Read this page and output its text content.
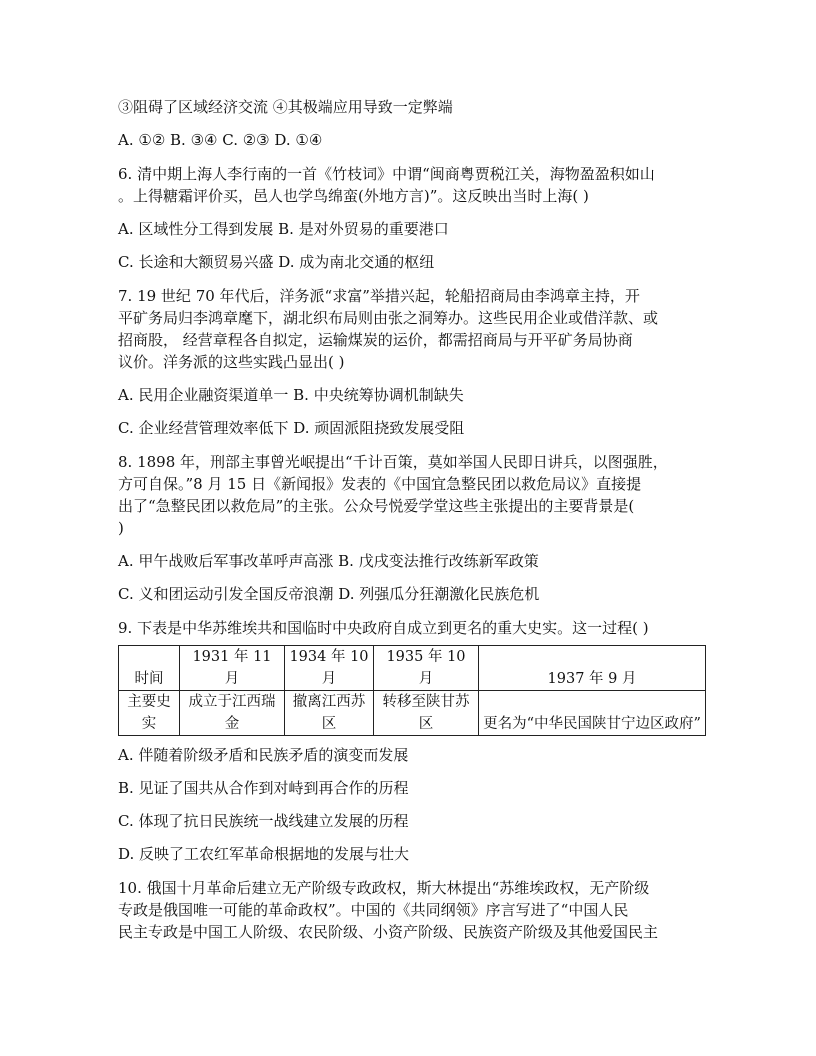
③阻碍了区域经济交流 ④其极端应用导致一定弊端

A. ①② B. ③④ C. ②③ D. ①④

6. 清中期上海人李行南的一首《竹枝词》中谓“闽商粤贾税江关，海物盈盈积如山

。上得糖霜评价买，邑人也学鸟绵蛮(外地方言)”。这反映出当时上海( )

A. 区域性分工得到发展 B. 是对外贸易的重要港口

C. 长途和大额贸易兴盛 D. 成为南北交通的枢纽

7. 19 世纪 70 年代后，洋务派“求富”举措兴起，轮船招商局由李鸿章主持，开

平矿务局归李鸿章麾下，湖北织布局则由张之洞筹办。这些民用企业或借洋款、或

招商股， 经营章程各自拟定，运输煤炭的运价，都需招商局与开平矿务局协商

议价。洋务派的这些实践凸显出( )

A. 民用企业融资渠道单一 B. 中央统筹协调机制缺失

C. 企业经营管理效率低下 D. 顽固派阻挠致发展受阻

8. 1898 年，刑部主事曾光岷提出“千计百策，莫如举国人民即日讲兵，以图强胜，

方可自保。”8 月 15 日《新闻报》发表的《中国宜急整民团以救危局议》直接提

出了“急整民团以救危局”的主张。公众号悦爱学堂这些主张提出的主要背景是(

)

A. 甲午战败后军事改革呼声高涨 B. 戊戌变法推行改练新军政策

C. 义和团运动引发全国反帝浪潮 D. 列强瓜分狂潮激化民族危机

9. 下表是中华苏维埃共和国临时中央政府自成立到更名的重大史实。这一过程( )

时间	1931 年 11 月	1934 年 10 月	1935 年 10 月	1937 年 9 月
主要史实	成立于江西瑞金	撤离江西苏区	转移至陕甘苏区	更名为“中华民国陕甘宁边区政府”

A. 伴随着阶级矛盾和民族矛盾的演变而发展

B. 见证了国共从合作到对峙到再合作的历程

C. 体现了抗日民族统一战线建立发展的历程

D. 反映了工农红军革命根据地的发展与壮大

10. 俄国十月革命后建立无产阶级专政政权，斯大林提出“苏维埃政权，无产阶级

专政是俄国唯一可能的革命政权”。中国的《共同纲领》序言写进了“中国人民

民主专政是中国工人阶级、农民阶级、小资产阶级、民族资产阶级及其他爱国民主
